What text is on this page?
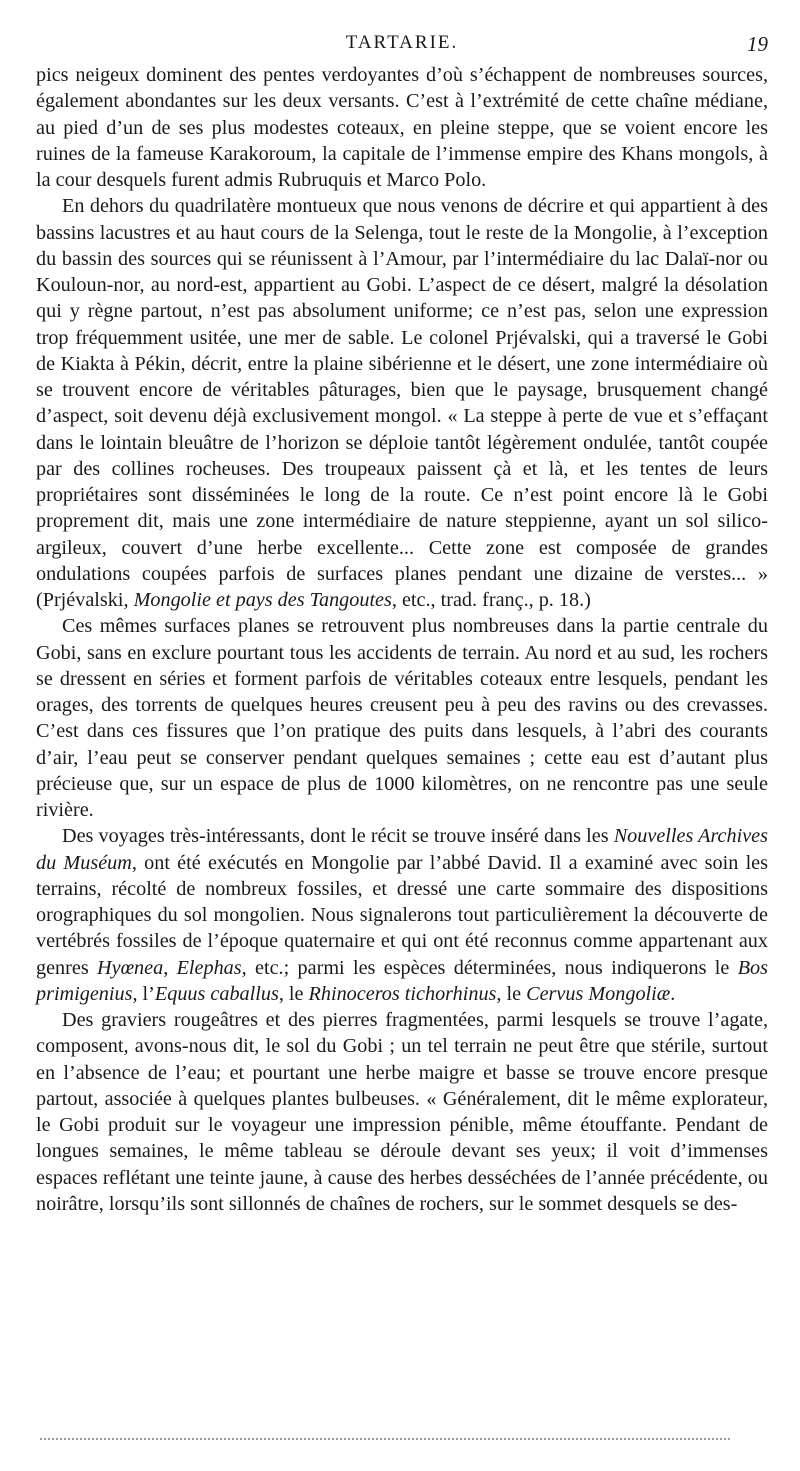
TARTARIE.	19

pics neigeux dominent des pentes verdoyantes d’où s’échappent de nombreuses sources, également abondantes sur les deux versants. C’est à l’extrémité de cette chaîne médiane, au pied d’un de ses plus modestes coteaux, en pleine steppe, que se voient encore les ruines de la fameuse Karakoroum, la capitale de l’immense empire des Khans mongols, à la cour desquels furent admis Rubruquis et Marco Polo.

En dehors du quadrilatère montueux que nous venons de décrire et qui appartient à des bassins lacustres et au haut cours de la Selenga, tout le reste de la Mongolie, à l’exception du bassin des sources qui se réunissent à l’Amour, par l’intermédiaire du lac Dalaï-nor ou Kouloun-nor, au nord-est, appartient au Gobi. L’aspect de ce désert, malgré la désolation qui y règne partout, n’est pas absolument uniforme; ce n’est pas, selon une expression trop fréquemment usitée, une mer de sable. Le colonel Prjévalski, qui a traversé le Gobi de Kiakta à Pékin, décrit, entre la plaine sibérienne et le désert, une zone intermédiaire où se trouvent encore de véritables pâturages, bien que le paysage, brusquement changé d’aspect, soit devenu déjà exclusivement mongol. « La steppe à perte de vue et s’effaçant dans le lointain bleuâtre de l’horizon se déploie tantôt légèrement ondulée, tantôt coupée par des collines rocheuses. Des troupeaux paissent çà et là, et les tentes de leurs propriétaires sont disséminées le long de la route. Ce n’est point encore là le Gobi proprement dit, mais une zone intermédiaire de nature steppienne, ayant un sol silico-argileux, couvert d’une herbe excellente... Cette zone est composée de grandes ondulations coupées parfois de surfaces planes pendant une dizaine de verstes... » (Prjévalski, Mongolie et pays des Tangoutes, etc., trad. franç., p. 18.)

Ces mêmes surfaces planes se retrouvent plus nombreuses dans la partie centrale du Gobi, sans en exclure pourtant tous les accidents de terrain. Au nord et au sud, les rochers se dressent en séries et forment parfois de véritables coteaux entre lesquels, pendant les orages, des torrents de quelques heures creusent peu à peu des ravins ou des crevasses. C’est dans ces fissures que l’on pratique des puits dans lesquels, à l’abri des courants d’air, l’eau peut se conserver pendant quelques semaines ; cette eau est d’autant plus précieuse que, sur un espace de plus de 1000 kilomètres, on ne rencontre pas une seule rivière.

Des voyages très-intéressants, dont le récit se trouve inséré dans les Nouvelles Archives du Muséum, ont été exécutés en Mongolie par l’abbé David. Il a examiné avec soin les terrains, récolté de nombreux fossiles, et dressé une carte sommaire des dispositions orographiques du sol mongolien. Nous signalerons tout particulièrement la découverte de vertébrés fossiles de l’époque quaternaire et qui ont été reconnus comme appartenant aux genres Hyœnea, Elephas, etc.; parmi les espèces déterminées, nous indiquerons le Bos primigenius, l’Equus caballus, le Rhinoceros tichorhinus, le Cervus Mongoliæ.

Des graviers rougeâtres et des pierres fragmentées, parmi lesquels se trouve l’agate, composent, avons-nous dit, le sol du Gobi ; un tel terrain ne peut être que stérile, surtout en l’absence de l’eau; et pourtant une herbe maigre et basse se trouve encore presque partout, associée à quelques plantes bulbeuses. « Généralement, dit le même explorateur, le Gobi produit sur le voyageur une impression pénible, même étouffante. Pendant de longues semaines, le même tableau se déroule devant ses yeux; il voit d’immenses espaces reflétant une teinte jaune, à cause des herbes desséchées de l’année précédente, ou noirâtre, lorsqu’ils sont sillonnés de chaînes de rochers, sur le sommet desquels se des-
